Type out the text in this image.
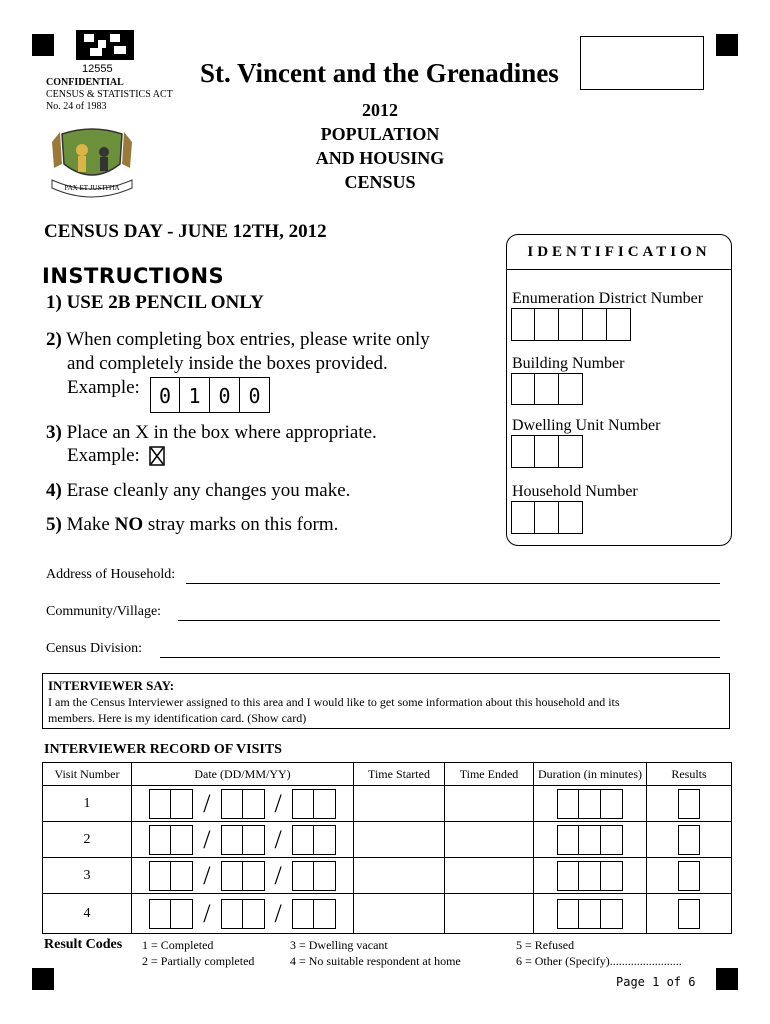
12555
CONFIDENTIAL
CENSUS & STATISTICS ACT
No. 24 of 1983
PAX ET JUSTITIA
St. Vincent and the Grenadines
2012
POPULATION
AND HOUSING
CENSUS
CENSUS DAY - JUNE 12TH, 2012
INSTRUCTIONS
1) USE 2B PENCIL ONLY
2) When completing box entries, please write only
and completely inside the boxes provided.
Example: 0 1 0 0
3) Place an X in the box where appropriate.
Example:
4) Erase cleanly any changes you make.
5) Make NO stray marks on this form.
IDENTIFICATION
Enumeration District Number
Building Number
Dwelling Unit Number
Household Number
Address of Household:
Community/Village:
Census Division:
INTERVIEWER SAY:
I am the Census Interviewer assigned to this area and I would like to get some information about this household and its
members. Here is my identification card. (Show card)
INTERVIEWER RECORD OF VISITS
Visit Number	Date (DD/MM/YY)	Time Started	Time Ended	Duration (in minutes)	Results
1	/ /

2	/ /

3	/ /

4	/ /

Result Codes 1 = Completed
2 = Partially completed
3 = Dwelling vacant
4 = No suitable respondent at home
5 = Refused
6 = Other (Specify)........................
Page 1 of 6
